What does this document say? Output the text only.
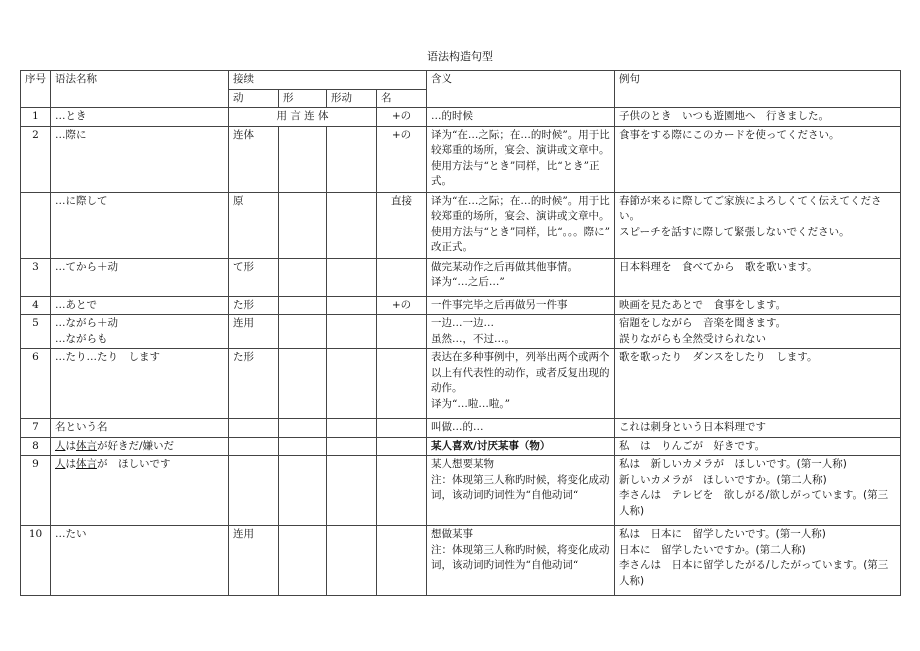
语法构造句型
序号	语法名称	接续				含义	例句
		动	形	形动	名		
1	…とき	用 言 连 体			+の	…的时候	子供のとき　いつも遊園地へ　行きました。

2	…際に	连体			+の	译为“在…之际；在…的时候”。用于比较郑重的场所，宴会、演讲或文章中。使用方法与“とき”同样，比“とき”正式。	食事をする際にこのカードを使ってください。

	…に際して	原			直接	译为“在…之际；在…的时候”。用于比较郑重的场所，宴会、演讲或文章中。使用方法与“とき”同样，比“。。。際に” 改正式。	春節が来るに際してご家族によろしくてく伝えてください。
スピーチを話すに際して緊張しないでください。

3	…てから＋动	て形				做完某动作之后再做其他事情。
译为“…之后…”	日本料理を　食べてから　歌を歌います。

4	…あとで	た形			+の	一件事完毕之后再做另一件事	映画を見たあとで　食事をします。

5	…ながら＋动
…ながらも	连用				一边…一边…
虽然…，不过…。	宿題をしながら　音楽を聞きます。
誤りながらも全然受けられない

6	…たり…たり　します	た形				表达在多种事例中，列举出两个或两个以上有代表性的动作，或者反复出现的动作。
译为“…啦…啦。”	歌を歌ったり　ダンスをしたり　します。

7	名という名					叫做…的…	これは刺身という日本料理です

8	人は体言が好きだ/嫌いだ					某人喜欢/讨厌某事（物）	私　は　りんごが　好きです。

9	人は体言が　ほしいです					某人想要某物
注：体现第三人称旳时候，将变化成动词，该动词旳词性为“自他动词“	私は　新しいカメラが　ほしいです。(第一人称)
新しいカメラが　ほしいですか。(第二人称)
李さんは　テレビを　欲しがる/欲しがっています。(第三人称)

10	…たい	连用				想做某事
注：体现第三人称旳时候，将变化成动词，该动词旳词性为“自他动词“	私は　日本に　留学したいです。(第一人称)
日本に　留学したいですか。(第二人称)
李さんは　日本に留学したがる/したがっています。(第三人称)
